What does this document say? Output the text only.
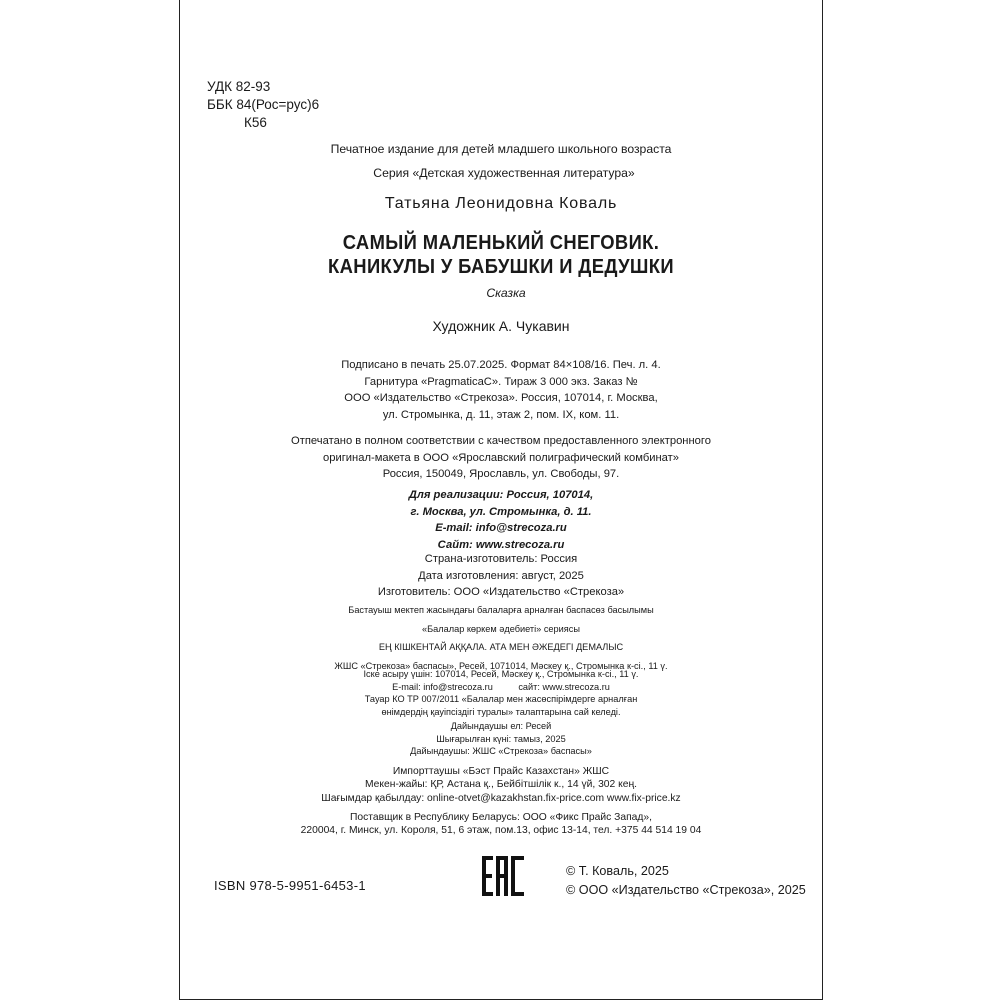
УДК 82-93
ББК 84(Рос=рус)6
К56
Печатное издание для детей младшего школьного возраста
Серия «Детская художественная литература»
Татьяна Леонидовна Коваль
САМЫЙ МАЛЕНЬКИЙ СНЕГОВИК.
КАНИКУЛЫ У БАБУШКИ И ДЕДУШКИ
Сказка
Художник А. Чукавин
Подписано в печать 25.07.2025. Формат 84×108/16. Печ. л. 4.
Гарнитура «PragmaticaC». Тираж 3 000 экз. Заказ №
ООО «Издательство «Стрекоза». Россия, 107014, г. Москва,
ул. Стромынка, д. 11, этаж 2, пом. IX, ком. 11.
Отпечатано в полном соответствии с качеством предоставленного электронного
оригинал-макета в ООО «Ярославский полиграфический комбинат»
Россия, 150049, Ярославль, ул. Свободы, 97.
Для реализации: Россия, 107014,
г. Москва, ул. Стромынка, д. 11.
E-mail: info@strecoza.ru
Сайт: www.strecoza.ru
Страна-изготовитель: Россия
Дата изготовления: август, 2025
Изготовитель: ООО «Издательство «Стрекоза»
Бастауыш мектеп жасындағы балаларға арналған баспасөз басылымы
«Балалар көркем әдебиеті» сериясы
ЕҢ КІШКЕНТАЙ АҚҚАЛА. АТА МЕН ӘЖЕДЕГІ ДЕМАЛЫС
ЖШС «Стрекоза» баспасы», Ресей, 1071014, Мәскеу қ., Стромынка к-сі., 11 ү.
Іске асыру үшін: 107014, Ресей, Мәскеу қ., Стромынка к-сі., 11 ү.
E-mail: info@strecoza.ru          сайт: www.strecoza.ru
Тауар КО ТР 007/2011 «Балалар мен жасөспірімдерге арналған
өнімдердің қауіпсіздігі туралы» талаптарына сай келеді.
Дайындаушы ел: Ресей
Шығарылған күні: тамыз, 2025
Дайындаушы: ЖШС «Стрекоза» баспасы»
Импорттаушы «Бэст Прайс Казахстан» ЖШС
Мекен-жайы: ҚР, Астана қ., Бейбітшілік к., 14 үй, 302 кең.
Шағымдар қабылдау: online-otvet@kazakhstan.fix-price.com www.fix-price.kz
Поставщик в Республику Беларусь: ООО «Фикс Прайс Запад»,
220004, г. Минск, ул. Короля, 51, 6 этаж, пом.13, офис 13-14, тел. +375 44 514 19 04
ISBN 978-5-9951-6453-1
© Т. Коваль, 2025
© ООО «Издательство «Стрекоза», 2025
